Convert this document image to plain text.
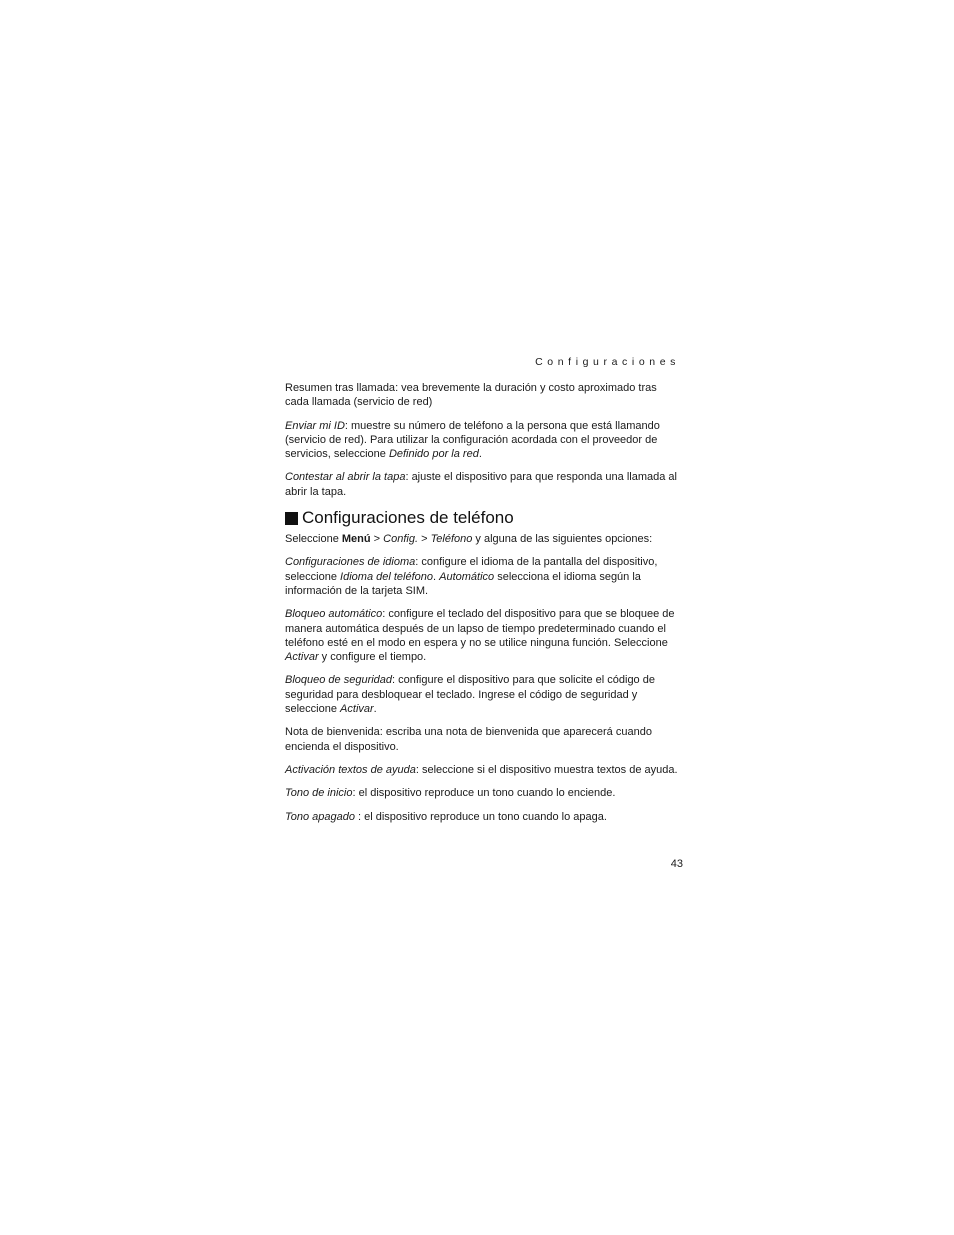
Configuraciones

Resumen tras llamada: vea brevemente la duración y costo aproximado tras cada llamada (servicio de red)

Enviar mi ID: muestre su número de teléfono a la persona que está llamando (servicio de red). Para utilizar la configuración acordada con el proveedor de servicios, seleccione Definido por la red.

Contestar al abrir la tapa: ajuste el dispositivo para que responda una llamada al abrir la tapa.

Configuraciones de teléfono

Seleccione Menú > Config. > Teléfono y alguna de las siguientes opciones:

Configuraciones de idioma: configure el idioma de la pantalla del dispositivo, seleccione Idioma del teléfono. Automático selecciona el idioma según la información de la tarjeta SIM.

Bloqueo automático: configure el teclado del dispositivo para que se bloquee de manera automática después de un lapso de tiempo predeterminado cuando el teléfono esté en el modo en espera y no se utilice ninguna función. Seleccione Activar y configure el tiempo.

Bloqueo de seguridad: configure el dispositivo para que solicite el código de seguridad para desbloquear el teclado. Ingrese el código de seguridad y seleccione Activar.

Nota de bienvenida: escriba una nota de bienvenida que aparecerá cuando encienda el dispositivo.

Activación textos de ayuda: seleccione si el dispositivo muestra textos de ayuda.

Tono de inicio: el dispositivo reproduce un tono cuando lo enciende.

Tono apagado : el dispositivo reproduce un tono cuando lo apaga.

43
